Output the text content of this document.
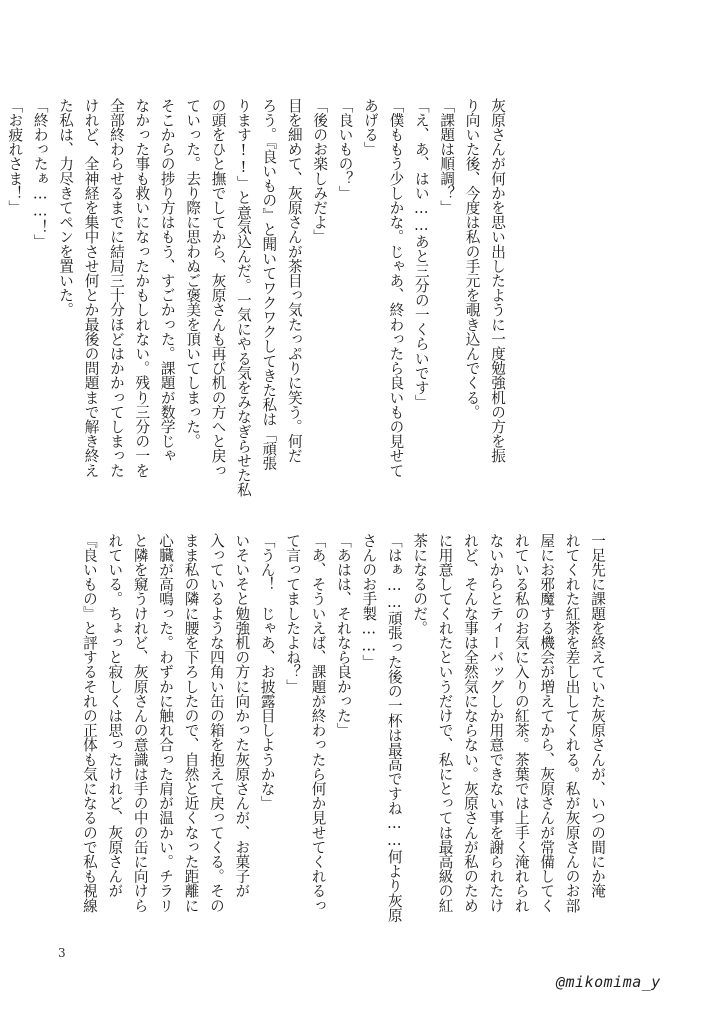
灰原さんが何かを思い出したように一度勉強机の方を振

り向いた後、今度は私の手元を覗き込んでくる。

「課題は順調？」

「え、あ、はい……あと三分の一くらいです」

「僕ももう少しかな。じゃあ、終わったら良いもの見せて

あげる」

「良いもの？」

「後のお楽しみだよ」

目を細めて、灰原さんが茶目っ気たっぷりに笑う。何だ

ろう。『良いもの』と聞いてワクワクしてきた私は「頑張

ります!!」と意気込んだ。一気にやる気をみなぎらせた私

の頭をひと撫でしてから、灰原さんも再び机の方へと戻っ

ていった。去り際に思わぬご褒美を頂いてしまった。

そこからの捗り方はもう、すごかった。課題が数学じゃ

なかった事も救いになったかもしれない。残り三分の一を

全部終わらせるまでに結局三十分ほどはかかってしまった

けれど、全神経を集中させ何とか最後の問題まで解き終え

た私は、力尽きてペンを置いた。

「終わったぁ……！」

「お疲れさま！」

一足先に課題を終えていた灰原さんが、いつの間にか淹

れてくれた紅茶を差し出してくれる。私が灰原さんのお部

屋にお邪魔する機会が増えてから、灰原さんが常備してく

れている私のお気に入りの紅茶。茶葉では上手く淹れられ

ないからとティーバッグしか用意できない事を謝られたけ

れど、そんな事は全然気にならない。灰原さんが私のため

に用意してくれたというだけで、私にとっては最高級の紅

茶になるのだ。

「はぁ……頑張った後の一杯は最高ですね……何より灰原

さんのお手製……」

「あはは、それなら良かった」

「あ、そういえば、課題が終わったら何か見せてくれるっ

て言ってましたよね？」

「うん！　じゃあ、お披露目しようかな」

いそいそと勉強机の方に向かった灰原さんが、お菓子が

入っているような四角い缶の箱を抱えて戻ってくる。その

まま私の隣に腰を下ろしたので、自然と近くなった距離に

心臓が高鳴った。わずかに触れ合った肩が温かい。チラリ

と隣を窺うけれど、灰原さんの意識は手の中の缶に向けら

れている。ちょっと寂しくは思ったけれど、灰原さんが

『良いもの』と評するそれの正体も気になるので私も視線

3
@mikomima_y
